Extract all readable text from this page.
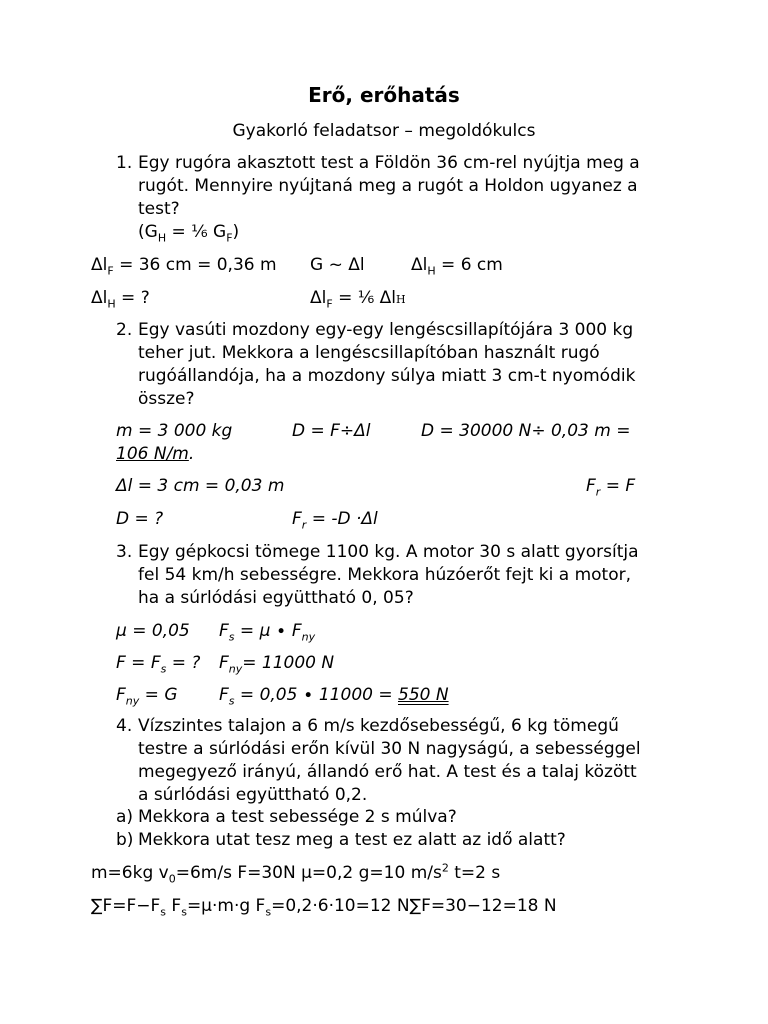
Erő, erőhatás
Gyakorló feladatsor – megoldókulcs
1. Egy rugóra akasztott test a Földön 36 cm-rel nyújtja meg a
rugót. Mennyire nyújtaná meg a rugót a Holdon ugyanez a
test?
($G_H$ = ⅙ $G_F$)
$\Delta l_F = 36$ cm = 0,36 m G ~ Δl	$\Delta l_H = 6$ cm
$\Delta l_H$ = ?	$\Delta l_F$ = ⅙ ΔlH
2. Egy vasúti mozdony egy-egy lengéscsillapítójára 3 000 kg
teher jut. Mekkora a lengéscsillapítóban használt rugó
rugóállandója, ha a mozdony súlya miatt 3 cm-t nyomódik
össze?
m = 3 000 kg	D = F÷Δl	D = 30000 N÷ 0,03 m =
106 N/m.
Δl = 3 cm = 0,03 m	$F_r = F$
D = ?	$F_r = -D \cdot\Delta l$
3. Egy gépkocsi tömege 1100 kg. A motor 30 s alatt gyorsítja
fel 54 km/h sebességre. Mekkora húzóerőt fejt ki a motor,
ha a súrlódási együttható 0, 05?
μ = 0,05 $F_s = \mu \cdot F_{ny}$
$F = F_s$ = ? $F_{ny}= 11000$ N
$F_{ny} = G$ $F_s = 0,05 \cdot 11000 = 550$ N
4. Vízszintes talajon a 6 m/s kezdősebességű, 6 kg tömegű
testre a súrlódási erőn kívül 30 N nagyságú, a sebességgel
megegyező irányú, állandó erő hat. A test és a talaj között
a súrlódási együttható 0,2.
a) Mekkora a test sebessége 2 s múlva?
b) Mekkora utat tesz meg a test ez alatt az idő alatt?
m=6kg $v_0=6m/s$ F=30N μ=0,2 g=10 $m/s^2$ t=2 s
$\sum F=F-F_s$ $F_s=\mu\cdot m\cdot g$ $F_s=0,2\cdot 6\cdot 10=12$ N∑F=30−12=18 N
